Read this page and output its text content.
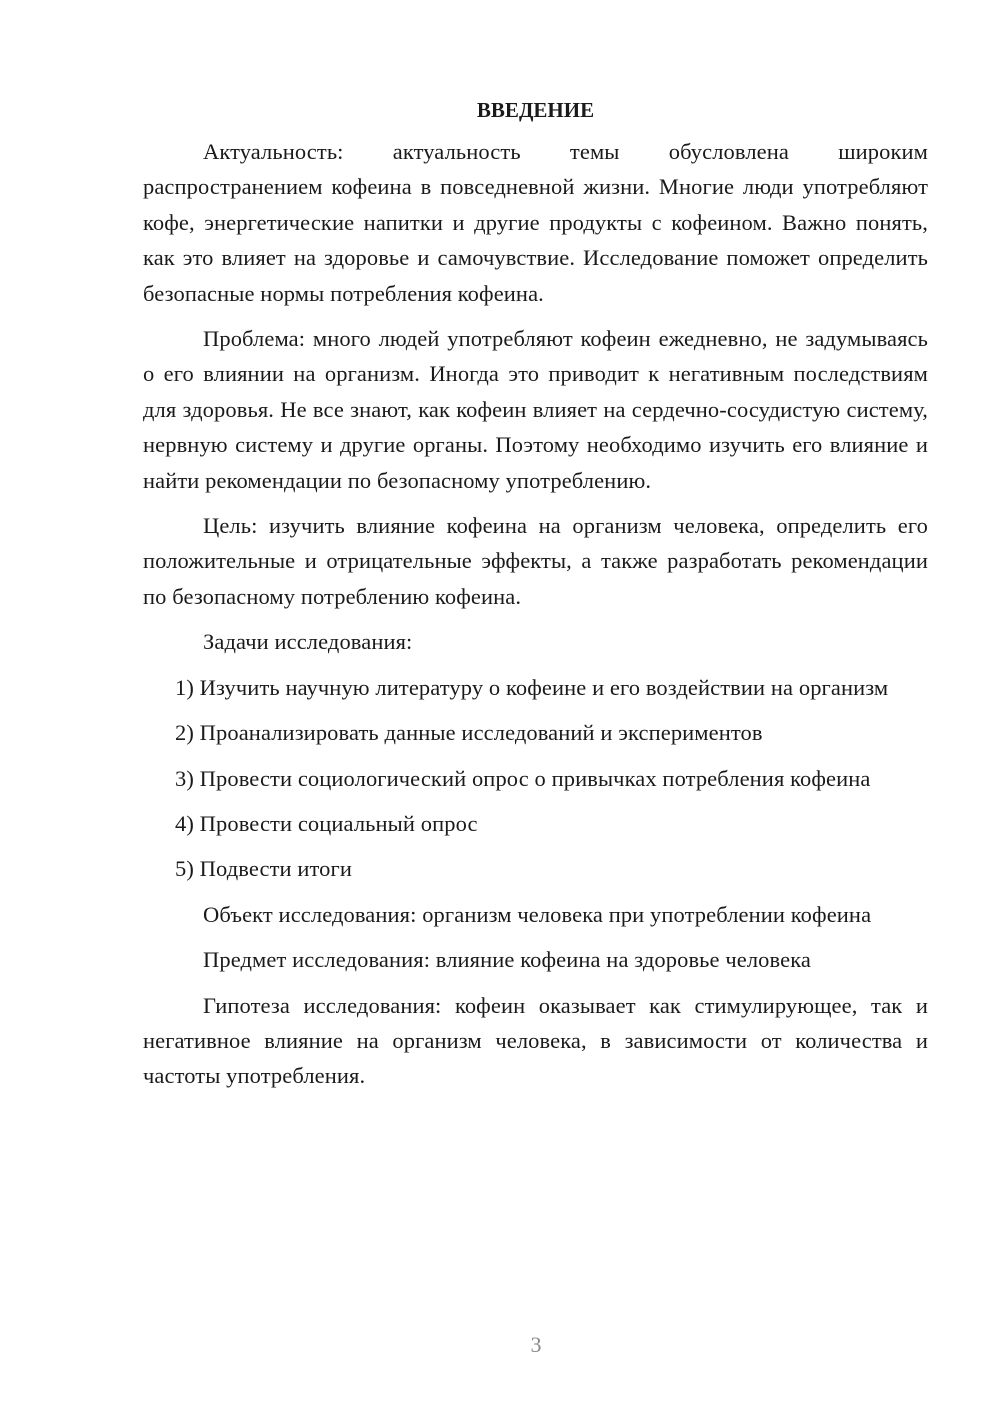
ВВЕДЕНИЕ

Актуальность: актуальность темы обусловлена широким распространением кофеина в повседневной жизни. Многие люди употребляют кофе, энергетические напитки и другие продукты с кофеином. Важно понять, как это влияет на здоровье и самочувствие. Исследование поможет определить безопасные нормы потребления кофеина.

Проблема: много людей употребляют кофеин ежедневно, не задумываясь о его влиянии на организм. Иногда это приводит к негативным последствиям для здоровья. Не все знают, как кофеин влияет на сердечно-сосудистую систему, нервную систему и другие органы. Поэтому необходимо изучить его влияние и найти рекомендации по безопасному употреблению.

Цель: изучить влияние кофеина на организм человека, определить его положительные и отрицательные эффекты, а также разработать рекомендации по безопасному потреблению кофеина.

Задачи исследования:

1) Изучить научную литературу о кофеине и его воздействии на организм

2) Проанализировать данные исследований и экспериментов

3) Провести социологический опрос о привычках потребления кофеина

4) Провести социальный опрос

5) Подвести итоги

Объект исследования: организм человека при употреблении кофеина

Предмет исследования: влияние кофеина на здоровье человека

Гипотеза исследования: кофеин оказывает как стимулирующее, так и негативное влияние на организм человека, в зависимости от количества и частоты употребления.

3
